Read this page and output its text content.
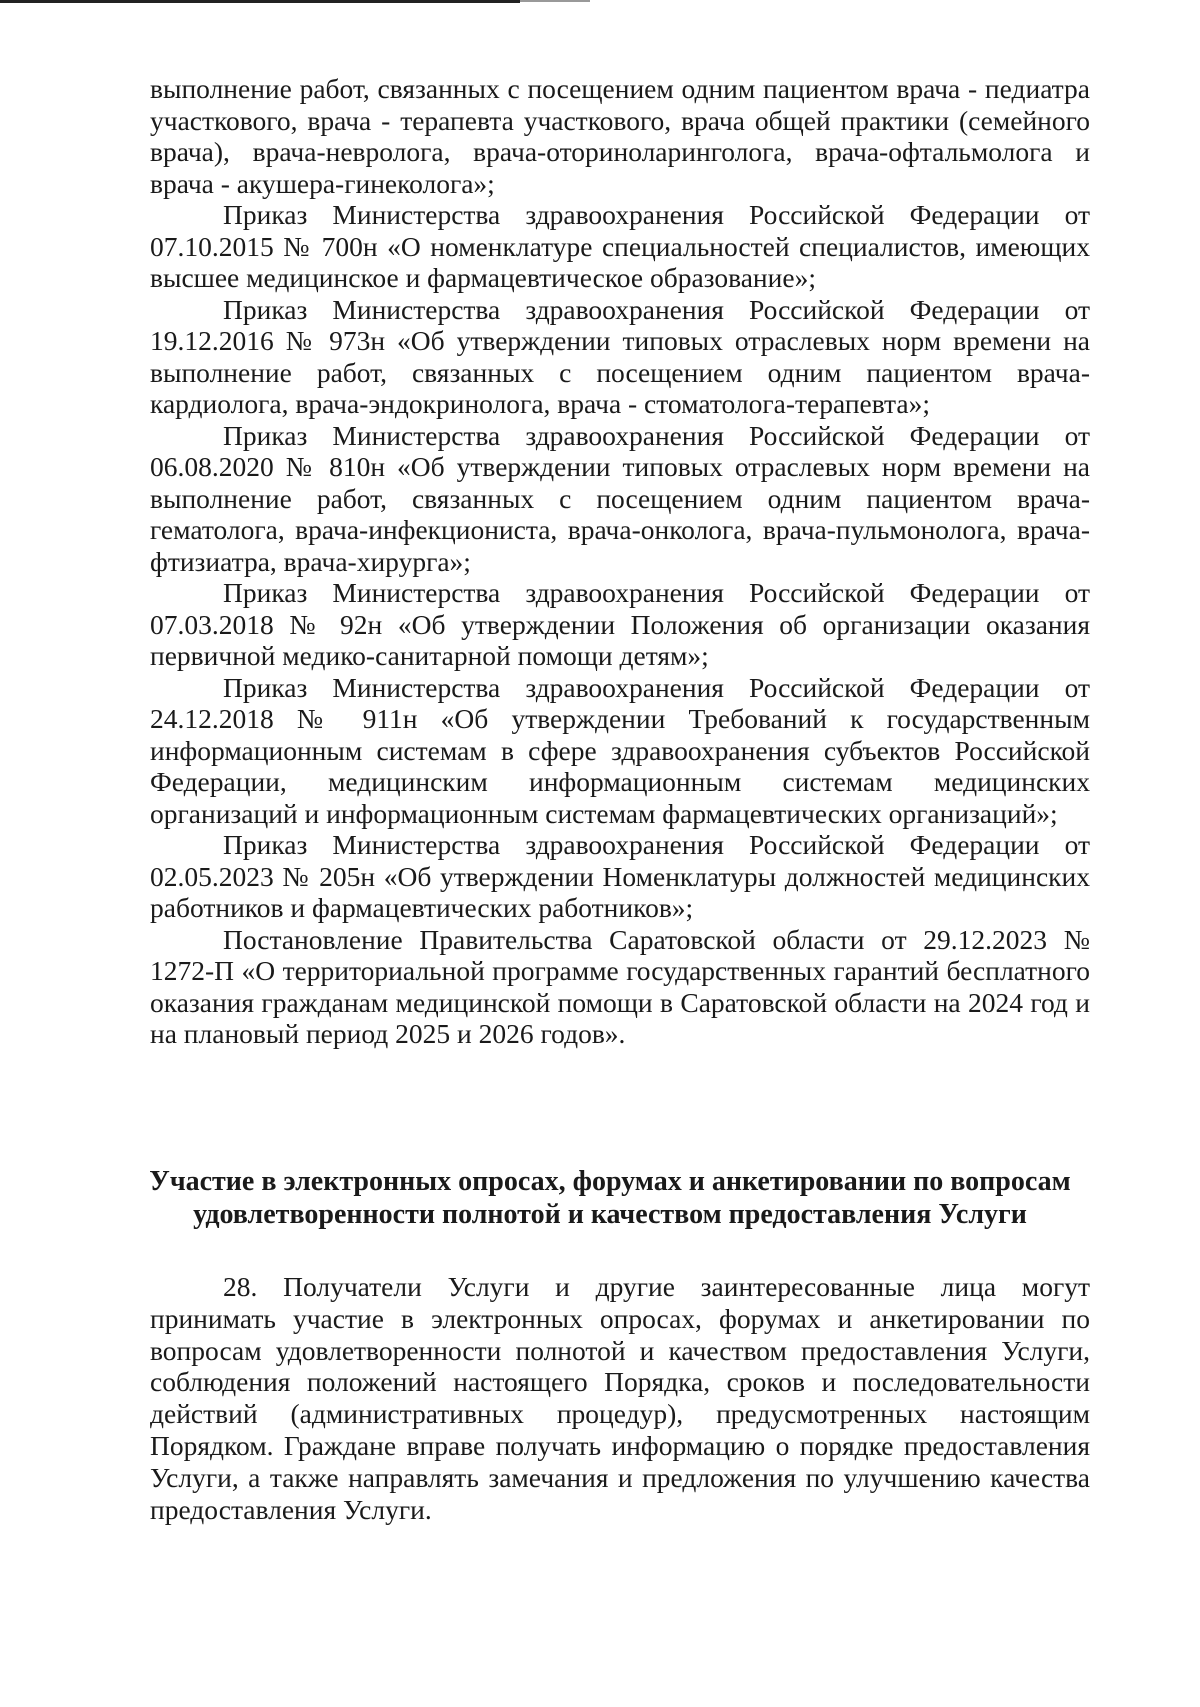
выполнение работ, связанных с посещением одним пациентом врача - педиатра участкового, врача - терапевта участкового, врача общей практики (семейного врача), врача-невролога, врача-оториноларинголога, врача-офтальмолога и врача - акушера-гинеколога»;

Приказ Министерства здравоохранения Российской Федерации от 07.10.2015 № 700н «О номенклатуре специальностей специалистов, имеющих высшее медицинское и фармацевтическое образование»;

Приказ Министерства здравоохранения Российской Федерации от 19.12.2016 № 973н «Об утверждении типовых отраслевых норм времени на выполнение работ, связанных с посещением одним пациентом врача-кардиолога, врача-эндокринолога, врача - стоматолога-терапевта»;

Приказ Министерства здравоохранения Российской Федерации от 06.08.2020 № 810н «Об утверждении типовых отраслевых норм времени на выполнение работ, связанных с посещением одним пациентом врача-гематолога, врача-инфекциониста, врача-онколога, врача-пульмонолога, врача-фтизиатра, врача-хирурга»;

Приказ Министерства здравоохранения Российской Федерации от 07.03.2018 № 92н «Об утверждении Положения об организации оказания первичной медико-санитарной помощи детям»;

Приказ Министерства здравоохранения Российской Федерации от 24.12.2018 № 911н «Об утверждении Требований к государственным информационным системам в сфере здравоохранения субъектов Российской Федерации, медицинским информационным системам медицинских организаций и информационным системам фармацевтических организаций»;

Приказ Министерства здравоохранения Российской Федерации от 02.05.2023 № 205н «Об утверждении Номенклатуры должностей медицинских работников и фармацевтических работников»;

Постановление Правительства Саратовской области от 29.12.2023 № 1272-П «О территориальной программе государственных гарантий бесплатного оказания гражданам медицинской помощи в Саратовской области на 2024 год и на плановый период 2025 и 2026 годов».

Участие в электронных опросах, форумах и анкетировании по вопросам
удовлетворенности полнотой и качеством предоставления Услуги

28. Получатели Услуги и другие заинтересованные лица могут принимать участие в электронных опросах, форумах и анкетировании по вопросам удовлетворенности полнотой и качеством предоставления Услуги, соблюдения положений настоящего Порядка, сроков и последовательности действий (административных процедур), предусмотренных настоящим Порядком. Граждане вправе получать информацию о порядке предоставления Услуги, а также направлять замечания и предложения по улучшению качества предоставления Услуги.
